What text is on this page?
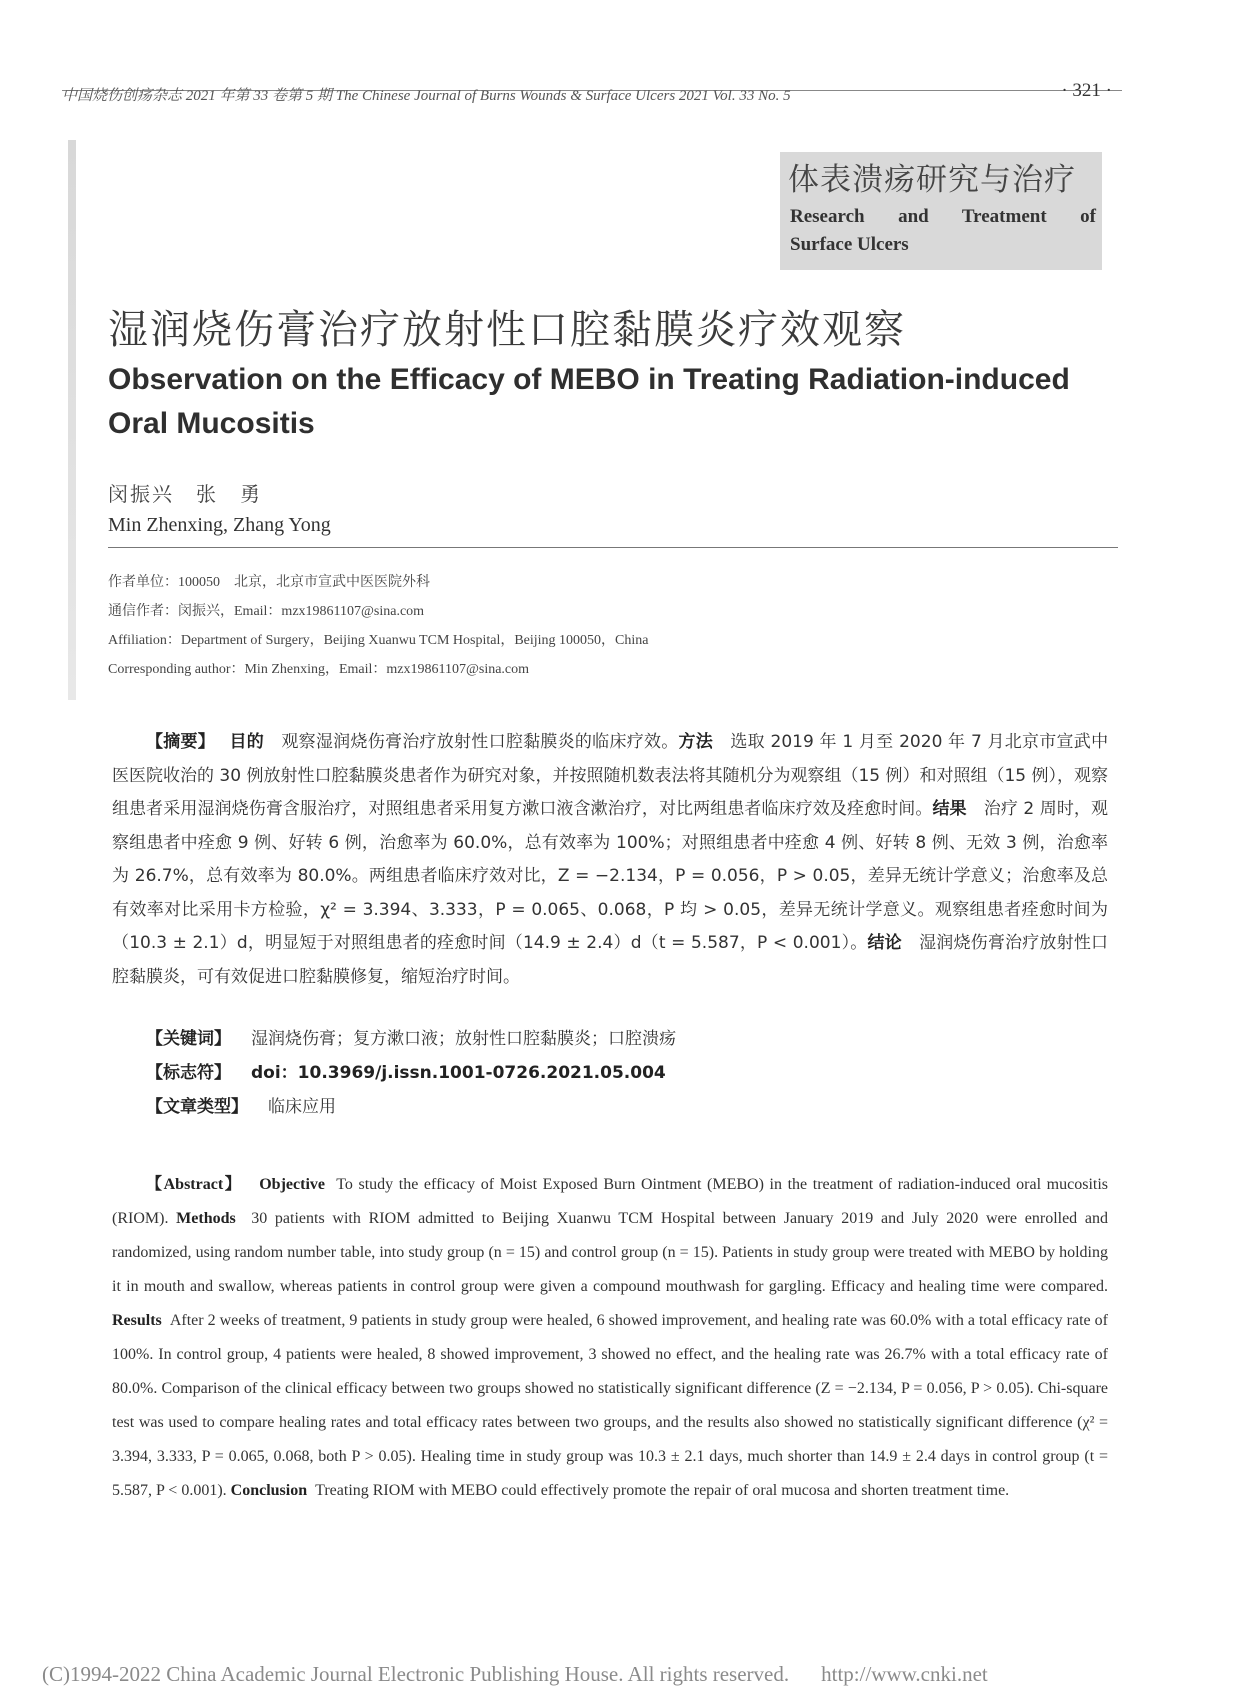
中国烧伤创疡杂志 2021 年第 33 卷第 5 期 The Chinese Journal of Burns Wounds & Surface Ulcers 2021 Vol. 33 No. 5	· 321 ·
体表溃疡研究与治疗
Research and Treatment of
Surface Ulcers
湿润烧伤膏治疗放射性口腔黏膜炎疗效观察
Observation on the Efficacy of MEBO in Treating Radiation-induced Oral Mucositis
闵振兴　张　勇
Min Zhenxing, Zhang Yong
作者单位：100050　北京，北京市宣武中医医院外科
通信作者：闵振兴，Email：mzx19861107@sina.com
Affiliation：Department of Surgery，Beijing Xuanwu TCM Hospital，Beijing 100050，China
Corresponding author：Min Zhenxing，Email：mzx19861107@sina.com

【摘要】　 目的　 观察湿润烧伤膏治疗放射性口腔黏膜炎的临床疗效。方法　 选取 2019 年 1 月至 2020 年 7 月北京市宣武中医医院收治的 30 例放射性口腔黏膜炎患者作为研究对象，并按照随机数表法将其随机分为观察组（15 例）和对照组（15 例），观察组患者采用湿润烧伤膏含服治疗，对照组患者采用复方漱口液含漱治疗，对比两组患者临床疗效及痊愈时间。结果　 治疗 2 周时，观察组患者中痊愈 9 例、好转 6 例，治愈率为 60.0%，总有效率为 100%；对照组患者中痊愈 4 例、好转 8 例、无效 3 例，治愈率为 26.7%，总有效率为 80.0%。两组患者临床疗效对比，Z = −2.134，P = 0.056，P > 0.05，差异无统计学意义；治愈率及总有效率对比采用卡方检验，χ² = 3.394、3.333，P = 0.065、0.068，P 均 > 0.05，差异无统计学意义。观察组患者痊愈时间为（10.3 ± 2.1）d，明显短于对照组患者的痊愈时间（14.9 ± 2.4）d（t = 5.587，P < 0.001）。结论　 湿润烧伤膏治疗放射性口腔黏膜炎，可有效促进口腔黏膜修复，缩短治疗时间。

【关键词】 湿润烧伤膏；复方漱口液；放射性口腔黏膜炎；口腔溃疡
【标志符】 doi：10.3969/j.issn.1001-0726.2021.05.004
【文章类型】 临床应用

【Abstract】 Objective To study the efficacy of Moist Exposed Burn Ointment (MEBO) in the treatment of radiation-induced oral mucositis (RIOM). Methods 30 patients with RIOM admitted to Beijing Xuanwu TCM Hospital between January 2019 and July 2020 were enrolled and randomized, using random number table, into study group (n = 15) and control group (n = 15). Patients in study group were treated with MEBO by holding it in mouth and swallow, whereas patients in control group were given a compound mouthwash for gargling. Efficacy and healing time were compared. Results After 2 weeks of treatment, 9 patients in study group were healed, 6 showed improvement, and healing rate was 60.0% with a total efficacy rate of 100%. In control group, 4 patients were healed, 8 showed improvement, 3 showed no effect, and the healing rate was 26.7% with a total efficacy rate of 80.0%. Comparison of the clinical efficacy between two groups showed no statistically significant difference (Z = −2.134, P = 0.056, P > 0.05). Chi-square test was used to compare healing rates and total efficacy rates between two groups, and the results also showed no statistically significant difference (χ² = 3.394, 3.333, P = 0.065, 0.068, both P > 0.05). Healing time in study group was 10.3 ± 2.1 days, much shorter than 14.9 ± 2.4 days in control group (t = 5.587, P < 0.001). Conclusion Treating RIOM with MEBO could effectively promote the repair of oral mucosa and shorten treatment time.

(C)1994-2022 China Academic Journal Electronic Publishing House. All rights reserved. http://www.cnki.net
